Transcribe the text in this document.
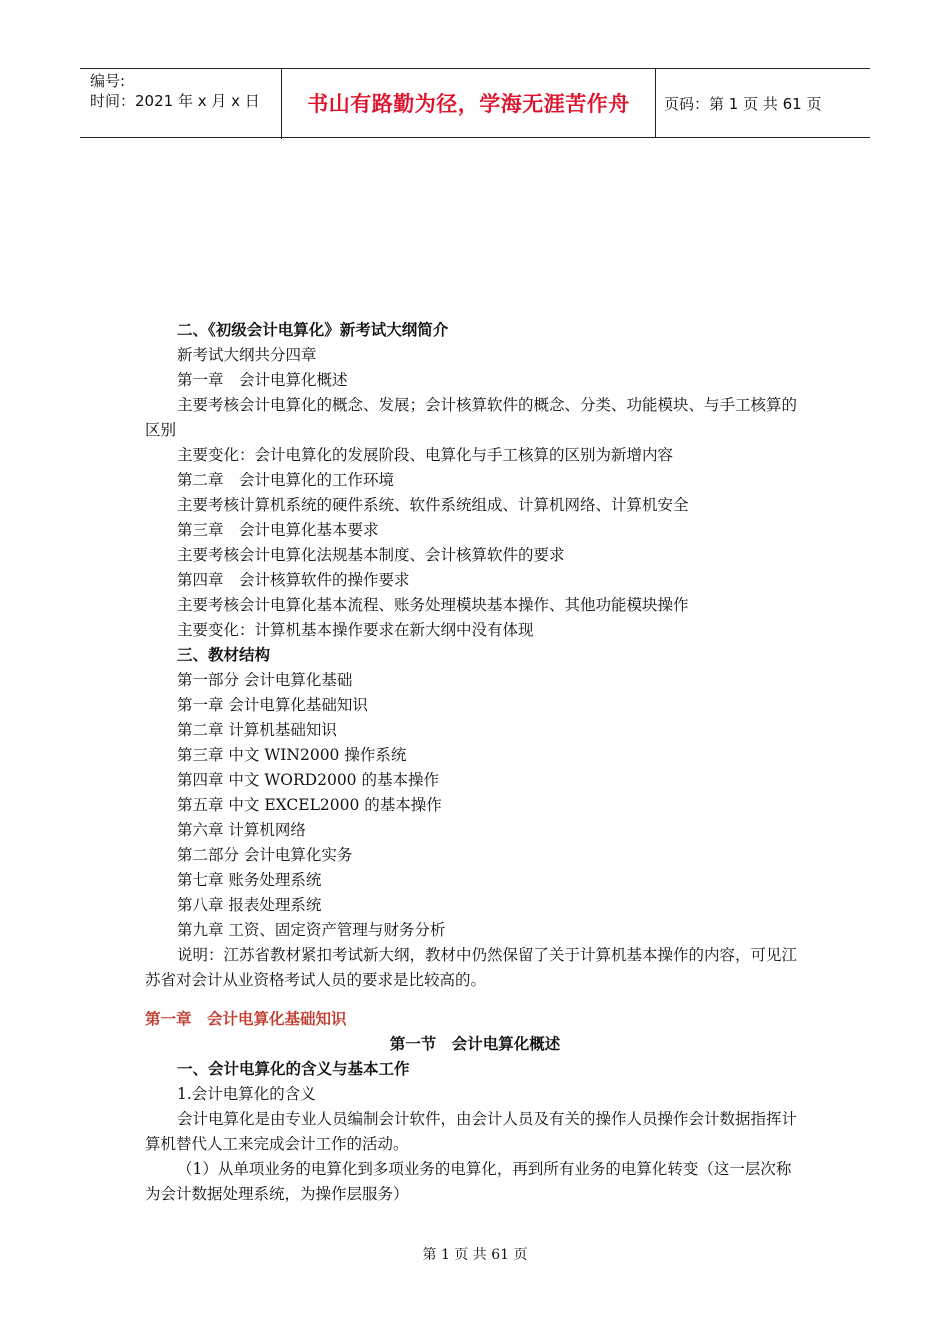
编号:
时间：2021 年 x 月 x 日	书山有路勤为径，学海无涯苦作舟	页码：第 1 页 共 61 页

二、《初级会计电算化》新考试大纲简介

新考试大纲共分四章

第一章　会计电算化概述

主要考核会计电算化的概念、发展；会计核算软件的概念、分类、功能模块、与手工核算的区别

主要变化：会计电算化的发展阶段、电算化与手工核算的区别为新增内容

第二章　会计电算化的工作环境

主要考核计算机系统的硬件系统、软件系统组成、计算机网络、计算机安全

第三章　会计电算化基本要求

主要考核会计电算化法规基本制度、会计核算软件的要求

第四章　会计核算软件的操作要求

主要考核会计电算化基本流程、账务处理模块基本操作、其他功能模块操作

主要变化：计算机基本操作要求在新大纲中没有体现

三、教材结构

第一部分 会计电算化基础

第一章 会计电算化基础知识

第二章 计算机基础知识

第三章 中文 WIN2000 操作系统

第四章 中文 WORD2000 的基本操作

第五章 中文 EXCEL2000 的基本操作

第六章 计算机网络

第二部分 会计电算化实务

第七章 账务处理系统

第八章 报表处理系统

第九章 工资、固定资产管理与财务分析

说明：江苏省教材紧扣考试新大纲，教材中仍然保留了关于计算机基本操作的内容，可见江苏省对会计从业资格考试人员的要求是比较高的。

第一章　会计电算化基础知识

第一节　会计电算化概述

一、会计电算化的含义与基本工作

1.会计电算化的含义

会计电算化是由专业人员编制会计软件，由会计人员及有关的操作人员操作会计数据指挥计算机替代人工来完成会计工作的活动。

（1）从单项业务的电算化到多项业务的电算化，再到所有业务的电算化转变（这一层次称为会计数据处理系统，为操作层服务）

第 1 页 共 61 页
